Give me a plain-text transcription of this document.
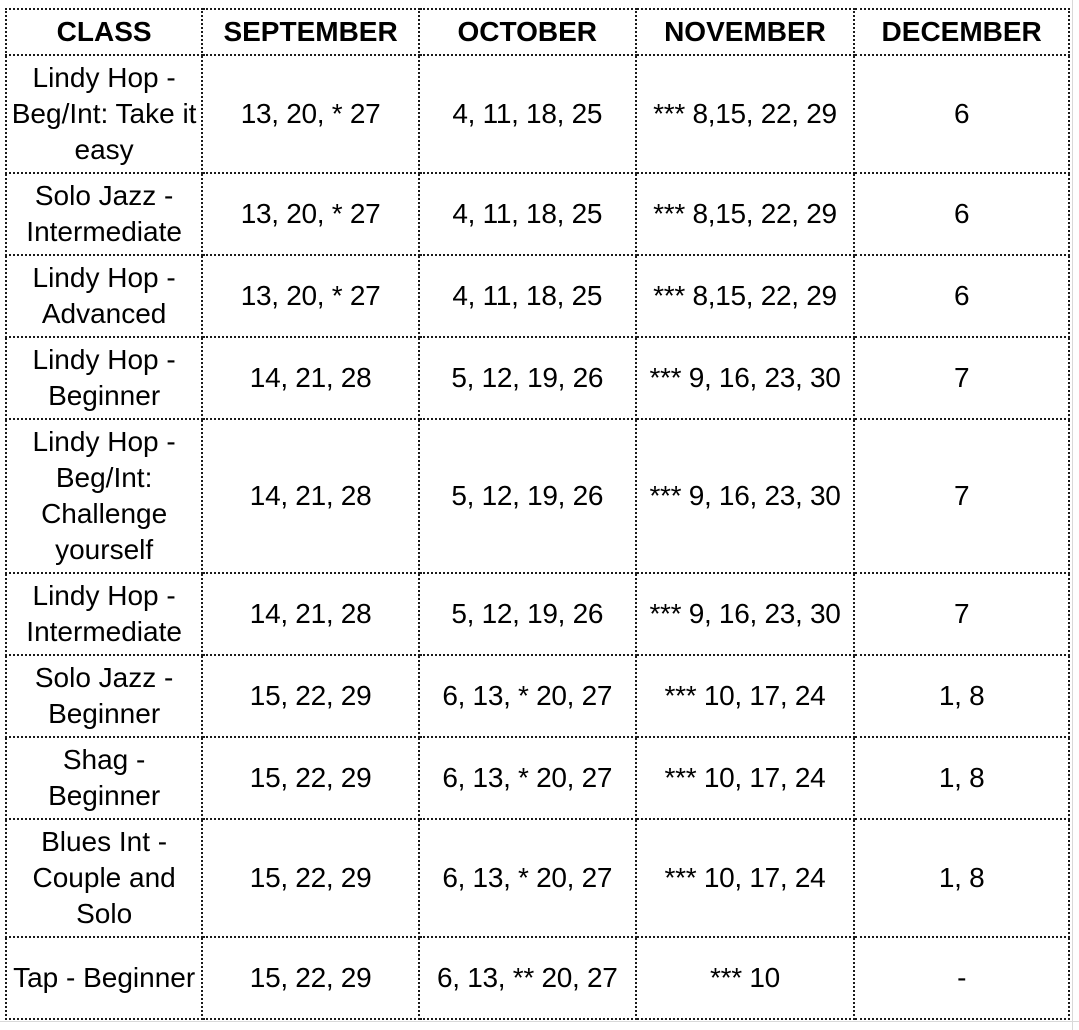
CLASS	SEPTEMBER	OCTOBER	NOVEMBER	DECEMBER
Lindy Hop - Beg/Int: Take it easy	13, 20, * 27	4, 11, 18, 25	*** 8,15, 22, 29	6
Solo Jazz - Intermediate	13, 20, * 27	4, 11, 18, 25	*** 8,15, 22, 29	6
Lindy Hop - Advanced	13, 20, * 27	4, 11, 18, 25	*** 8,15, 22, 29	6
Lindy Hop - Beginner	14, 21, 28	5, 12, 19, 26	*** 9, 16, 23, 30	7
Lindy Hop - Beg/Int: Challenge yourself	14, 21, 28	5, 12, 19, 26	*** 9, 16, 23, 30	7
Lindy Hop - Intermediate	14, 21, 28	5, 12, 19, 26	*** 9, 16, 23, 30	7
Solo Jazz - Beginner	15, 22, 29	6, 13, * 20, 27	*** 10, 17, 24	1, 8
Shag - Beginner	15, 22, 29	6, 13, * 20, 27	*** 10, 17, 24	1, 8
Blues Int - Couple and Solo	15, 22, 29	6, 13, * 20, 27	*** 10, 17, 24	1, 8
Tap - Beginner	15, 22, 29	6, 13, ** 20, 27	*** 10	-
